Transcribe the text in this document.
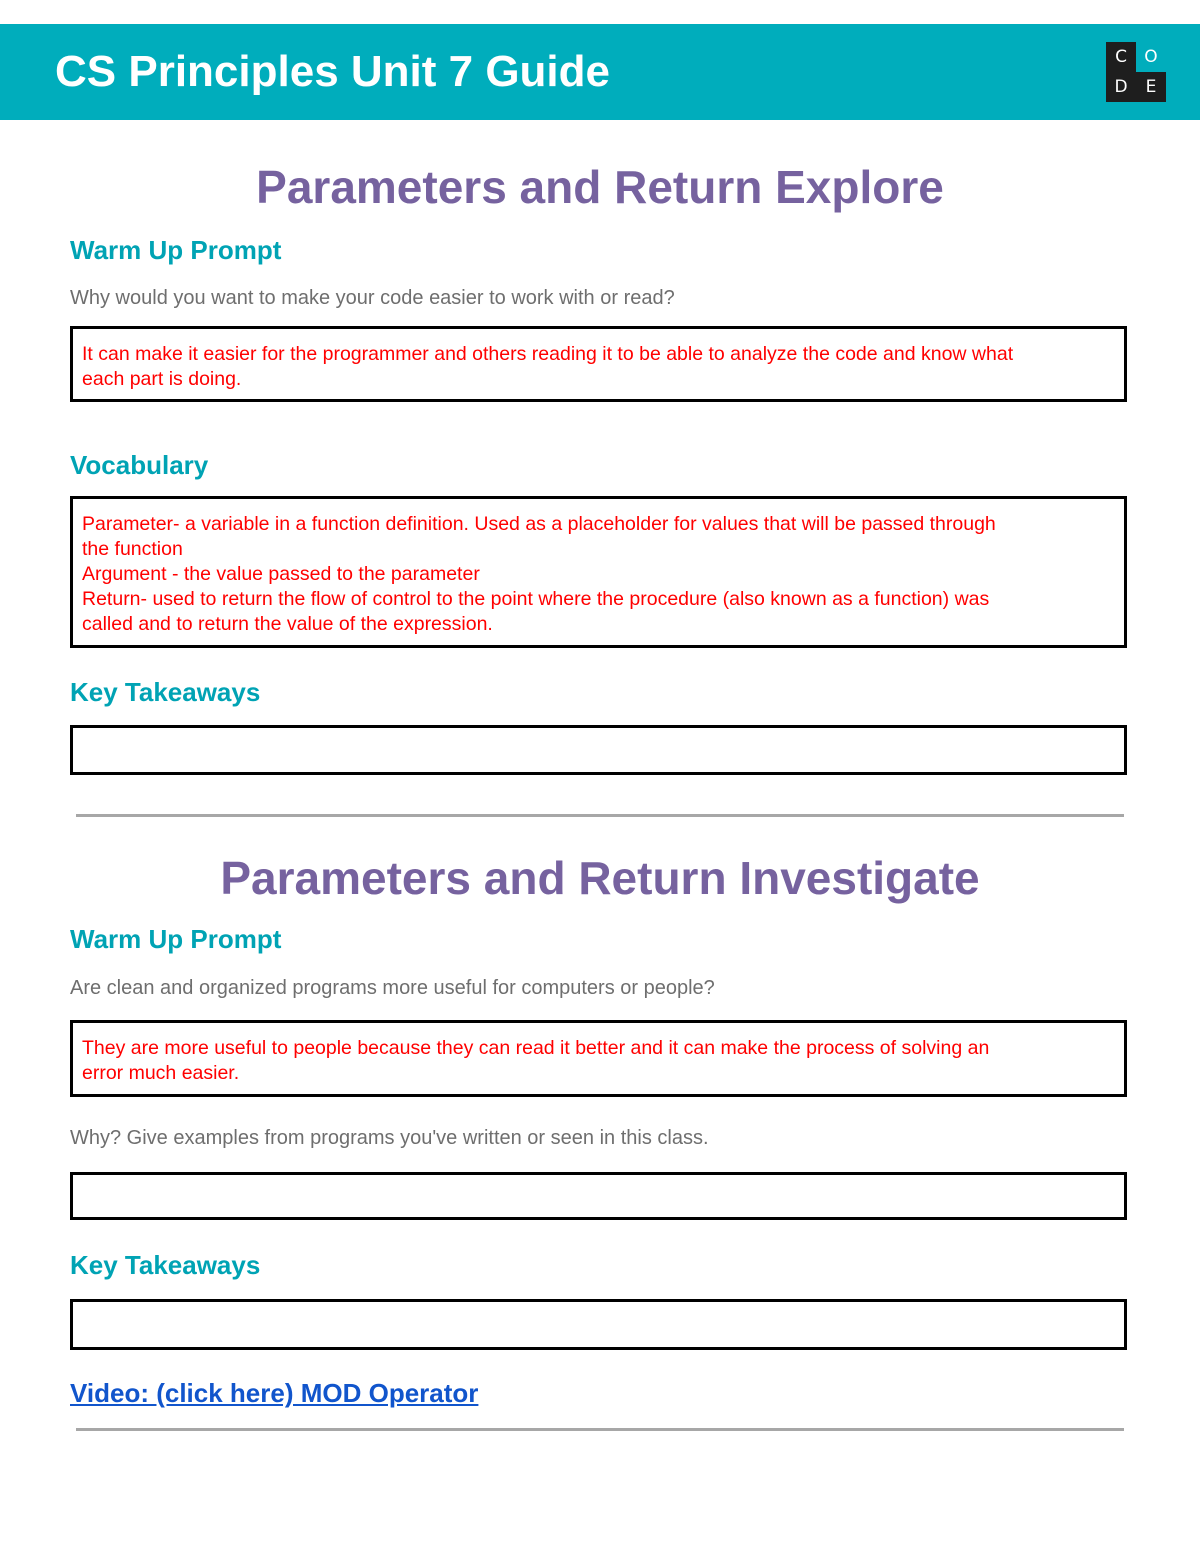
CS Principles Unit 7 Guide	C	O
D	E
Parameters and Return Explore
Warm Up Prompt
Why would you want to make your code easier to work with or read?
It can make it easier for the programmer and others reading it to be able to analyze the code and know what
each part is doing.
Vocabulary
Parameter- a variable in a function definition. Used as a placeholder for values that will be passed through
the function
Argument - the value passed to the parameter
Return- used to return the flow of control to the point where the procedure (also known as a function) was
called and to return the value of the expression.
Key Takeaways
Parameters and Return Investigate
Warm Up Prompt
Are clean and organized programs more useful for computers or people?
They are more useful to people because they can read it better and it can make the process of solving an
error much easier.
Why? Give examples from programs you've written or seen in this class.
Key Takeaways
Video: (click here) MOD Operator
